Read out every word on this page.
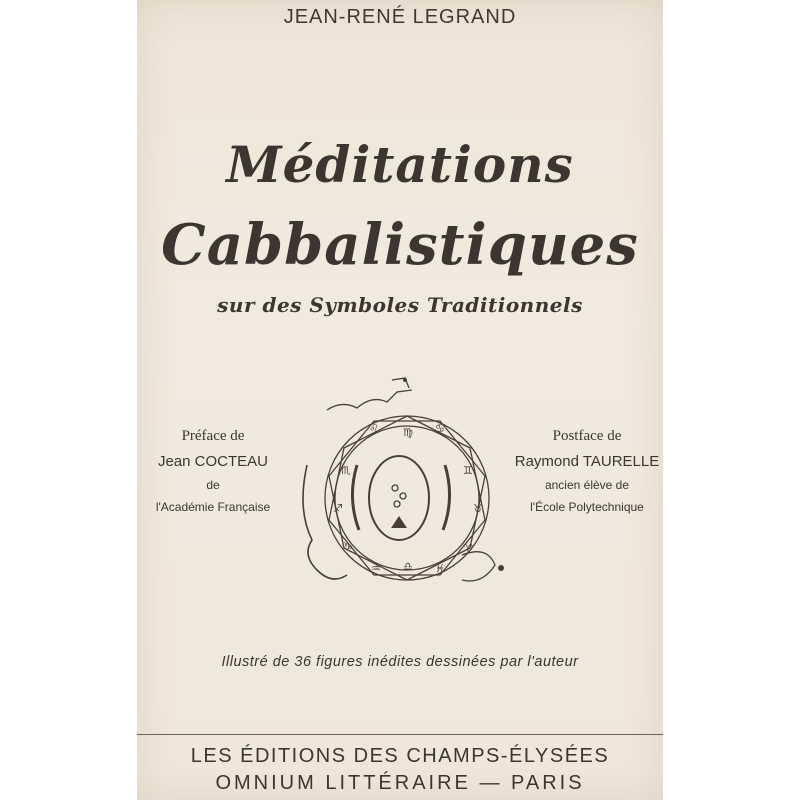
JEAN-RENÉ LEGRAND
Méditations
Cabbalistiques
sur des Symboles Traditionnels
Préface de
Jean COCTEAU
de
l'Académie Française
♌	♋
♊
♉
♈
♓
♒
♑
♐
♏
♍
♎
Postface de
Raymond TAURELLE
ancien élève de
l'École Polytechnique
Illustré de 36 figures inédites dessinées par l'auteur
LES ÉDITIONS DES CHAMPS-ÉLYSÉES
OMNIUM LITTÉRAIRE — PARIS
